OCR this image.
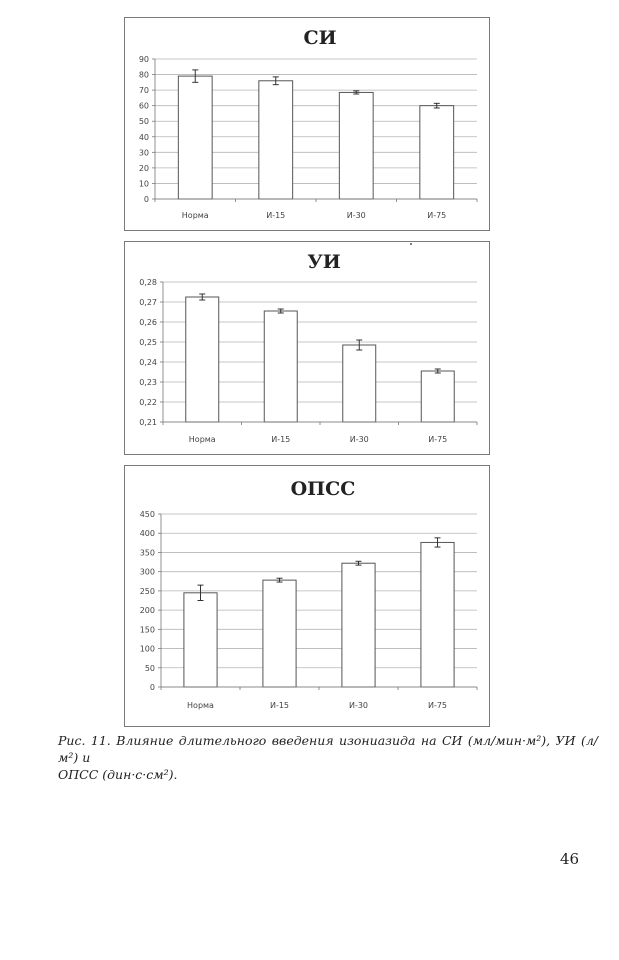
СИ
0
10
20
30
40
50
60
70
80
90
Норма	И-15	И-30	И-75
УИ
0,21
0,22
0,23
0,24
0,25
0,26
0,27
0,28
Норма	И-15	И-30	И-75
ОПСС
0
50
100
150
200
250
300
350
400
450
Норма	И-15	И-30	И-75
Рис. 11. Влияние длительного введения изониазида на СИ (мл/мин·м²), УИ (л/м²) и
ОПСС (дин·с·см²).
46
